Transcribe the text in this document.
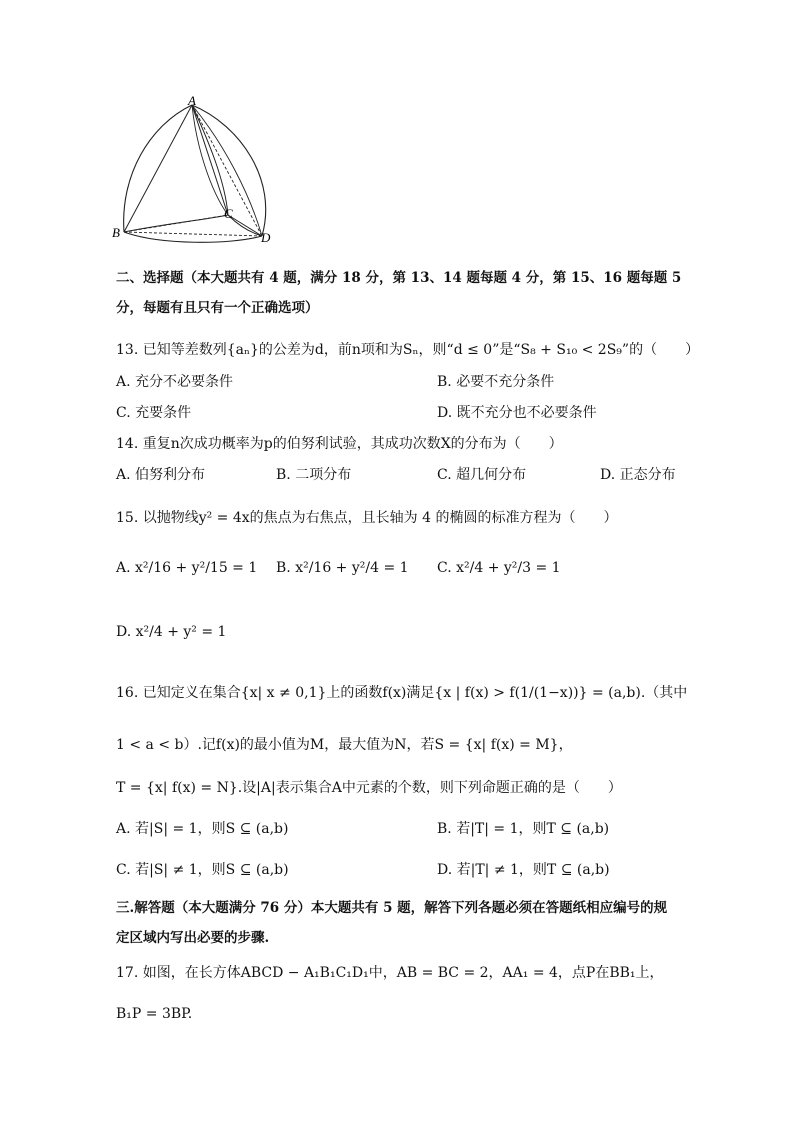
A
B
C
D
二、选择题（本大题共有 4 题，满分 18 分，第 13、14 题每题 4 分，第 15、16 题每题 5
分，每题有且只有一个正确选项）
13. 已知等差数列{aₙ}的公差为d，前n项和为Sₙ，则“d ≤ 0”是“S₈ + S₁₀ < 2S₉”的（　　）
A. 充分不必要条件	B. 必要不充分条件
C. 充要条件	D. 既不充分也不必要条件
14. 重复n次成功概率为p的伯努利试验，其成功次数X的分布为（　　）
A. 伯努利分布	B. 二项分布	C. 超几何分布	D. 正态分布
15. 以抛物线y² = 4x的焦点为右焦点，且长轴为 4 的椭圆的标准方程为（　　）
A. x²/16 + y²/15 = 1 B. x²/16 + y²/4 = 1 C. x²/4 + y²/3 = 1
D. x²/4 + y² = 1
16. 已知定义在集合{x| x ≠ 0,1}上的函数f(x)满足{x | f(x) > f(1/(1−x))} = (a,b).（其中
1 < a < b）.记f(x)的最小值为M，最大值为N，若S = {x| f(x) = M}，
T = {x| f(x) = N}.设|A|表示集合A中元素的个数，则下列命题正确的是（　　）
A. 若|S| = 1，则S ⊆ (a,b)	B. 若|T| = 1，则T ⊆ (a,b)
C. 若|S| ≠ 1，则S ⊆ (a,b)	D. 若|T| ≠ 1，则T ⊆ (a,b)
三.解答题（本大题满分 76 分）本大题共有 5 题，解答下列各题必须在答题纸相应编号的规
定区域内写出必要的步骤.
17. 如图，在长方体ABCD − A₁B₁C₁D₁中，AB = BC = 2，AA₁ = 4，点P在BB₁上，
B₁P = 3BP.
